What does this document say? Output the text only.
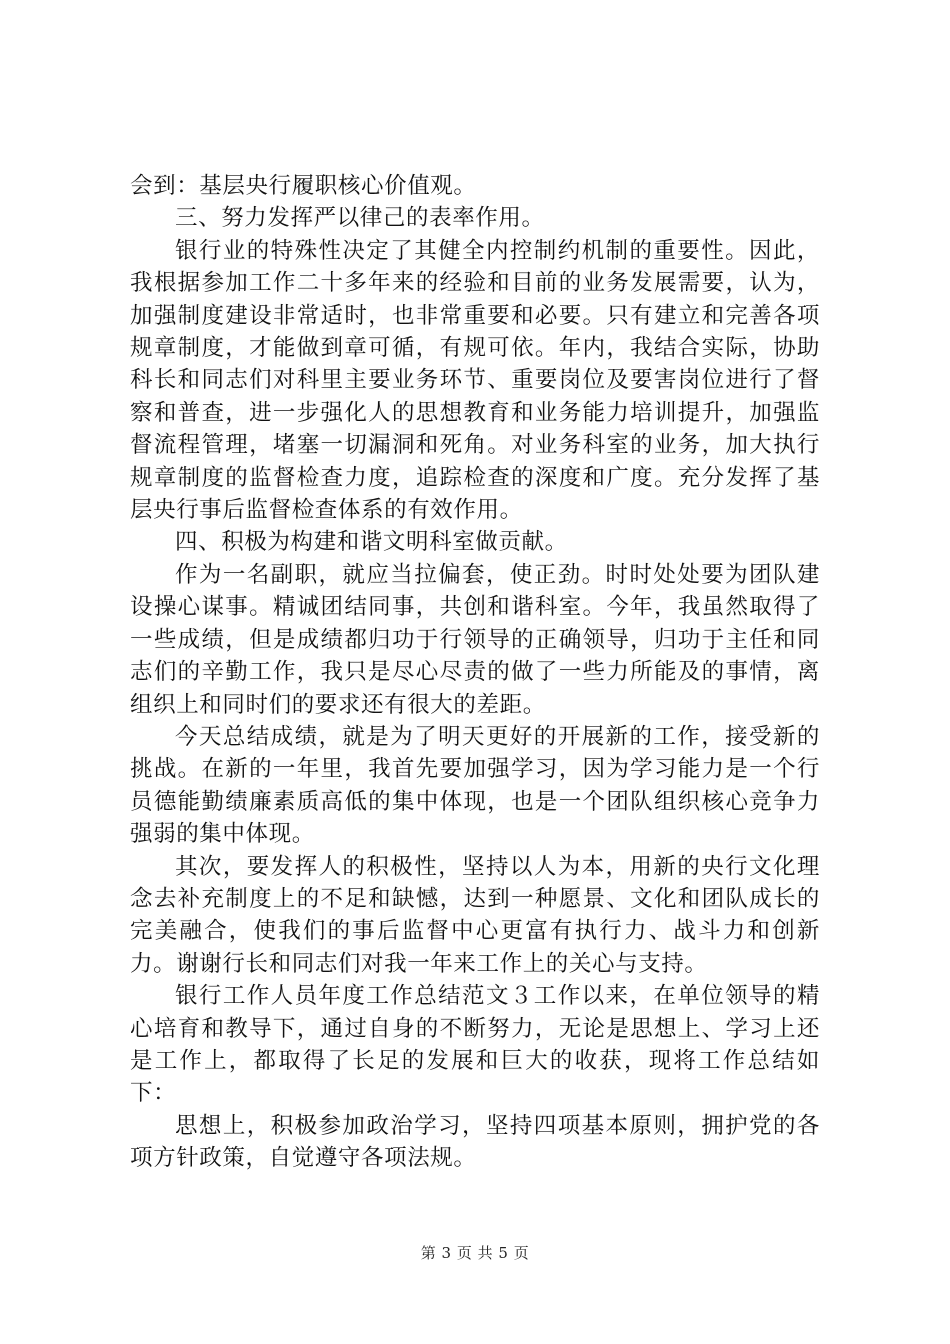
会到：基层央行履职核心价值观。

三、努力发挥严以律己的表率作用。

银行业的特殊性决定了其健全内控制约机制的重要性。因此，我根据参加工作二十多年来的经验和目前的业务发展需要，认为，加强制度建设非常适时，也非常重要和必要。只有建立和完善各项规章制度，才能做到章可循，有规可依。年内，我结合实际，协助科长和同志们对科里主要业务环节、重要岗位及要害岗位进行了督察和普查，进一步强化人的思想教育和业务能力培训提升，加强监督流程管理，堵塞一切漏洞和死角。对业务科室的业务，加大执行规章制度的监督检查力度，追踪检查的深度和广度。充分发挥了基层央行事后监督检查体系的有效作用。

四、积极为构建和谐文明科室做贡献。

作为一名副职，就应当拉偏套，使正劲。时时处处要为团队建设操心谋事。精诚团结同事，共创和谐科室。今年，我虽然取得了一些成绩，但是成绩都归功于行领导的正确领导，归功于主任和同志们的辛勤工作，我只是尽心尽责的做了一些力所能及的事情，离组织上和同时们的要求还有很大的差距。

今天总结成绩，就是为了明天更好的开展新的工作，接受新的挑战。在新的一年里，我首先要加强学习，因为学习能力是一个行员德能勤绩廉素质高低的集中体现，也是一个团队组织核心竞争力强弱的集中体现。

其次，要发挥人的积极性，坚持以人为本，用新的央行文化理念去补充制度上的不足和缺憾，达到一种愿景、文化和团队成长的完美融合，使我们的事后监督中心更富有执行力、战斗力和创新力。谢谢行长和同志们对我一年来工作上的关心与支持。

银行工作人员年度工作总结范文３工作以来，在单位领导的精心培育和教导下，通过自身的不断努力，无论是思想上、学习上还是工作上，都取得了长足的发展和巨大的收获，现将工作总结如下：

思想上，积极参加政治学习，坚持四项基本原则，拥护党的各项方针政策，自觉遵守各项法规。

第 3 页 共 5 页
